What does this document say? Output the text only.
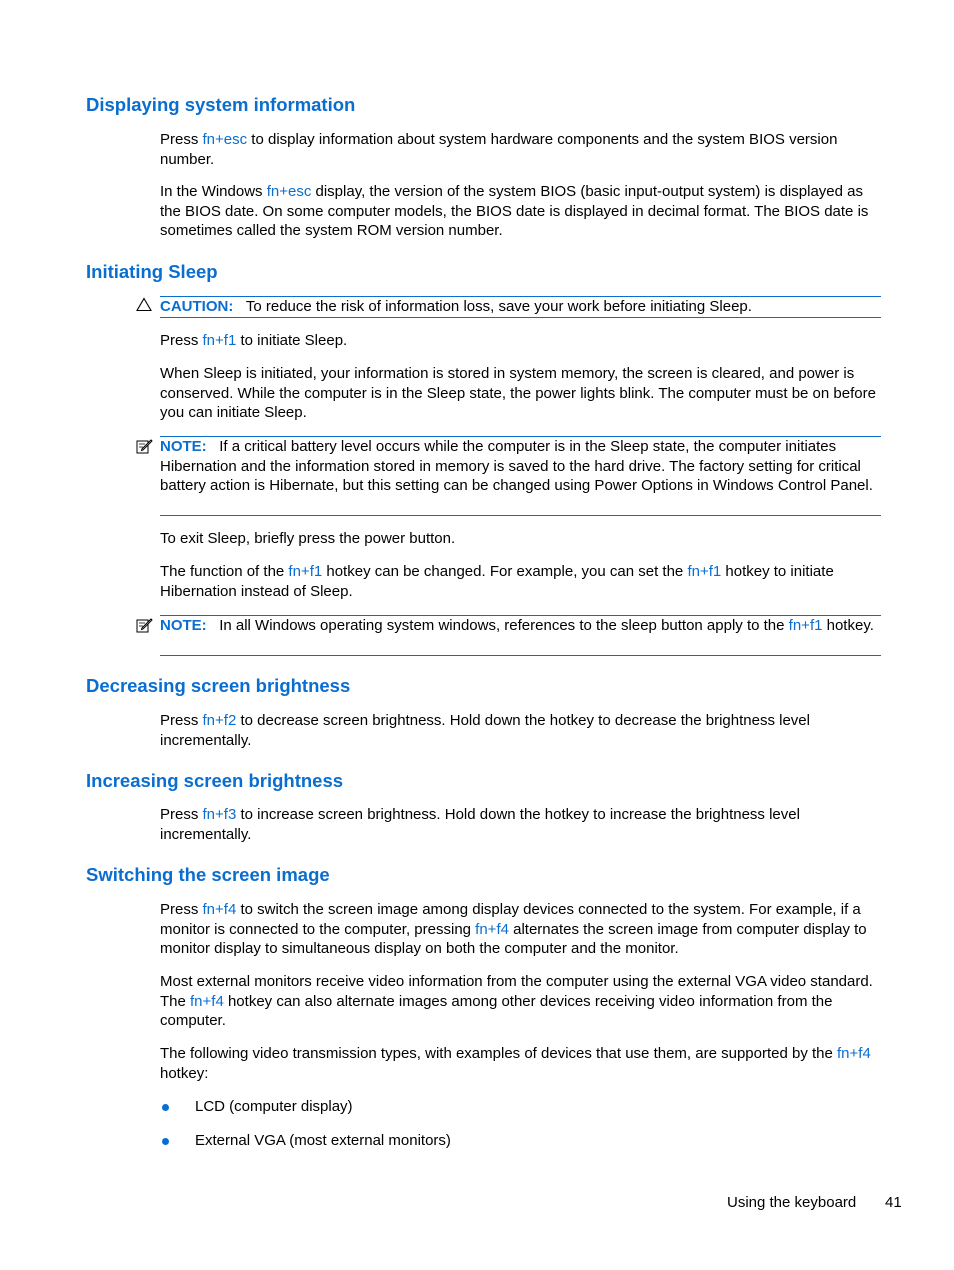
Displaying system information

Press fn+esc to display information about system hardware components and the system BIOS version number.

In the Windows fn+esc display, the version of the system BIOS (basic input-output system) is displayed as the BIOS date. On some computer models, the BIOS date is displayed in decimal format. The BIOS date is sometimes called the system ROM version number.

Initiating Sleep

CAUTION: To reduce the risk of information loss, save your work before initiating Sleep.

Press fn+f1 to initiate Sleep.

When Sleep is initiated, your information is stored in system memory, the screen is cleared, and power is conserved. While the computer is in the Sleep state, the power lights blink. The computer must be on before you can initiate Sleep.

NOTE: If a critical battery level occurs while the computer is in the Sleep state, the computer initiates Hibernation and the information stored in memory is saved to the hard drive. The factory setting for critical battery action is Hibernate, but this setting can be changed using Power Options in Windows Control Panel.

To exit Sleep, briefly press the power button.

The function of the fn+f1 hotkey can be changed. For example, you can set the fn+f1 hotkey to initiate Hibernation instead of Sleep.

NOTE: In all Windows operating system windows, references to the sleep button apply to the fn+f1 hotkey.

Decreasing screen brightness

Press fn+f2 to decrease screen brightness. Hold down the hotkey to decrease the brightness level incrementally.

Increasing screen brightness

Press fn+f3 to increase screen brightness. Hold down the hotkey to increase the brightness level incrementally.

Switching the screen image

Press fn+f4 to switch the screen image among display devices connected to the system. For example, if a monitor is connected to the computer, pressing fn+f4 alternates the screen image from computer display to monitor display to simultaneous display on both the computer and the monitor.

Most external monitors receive video information from the computer using the external VGA video standard. The fn+f4 hotkey can also alternate images among other devices receiving video information from the computer.

The following video transmission types, with examples of devices that use them, are supported by the fn+f4 hotkey:

LCD (computer display)

External VGA (most external monitors)

Using the keyboard 41
